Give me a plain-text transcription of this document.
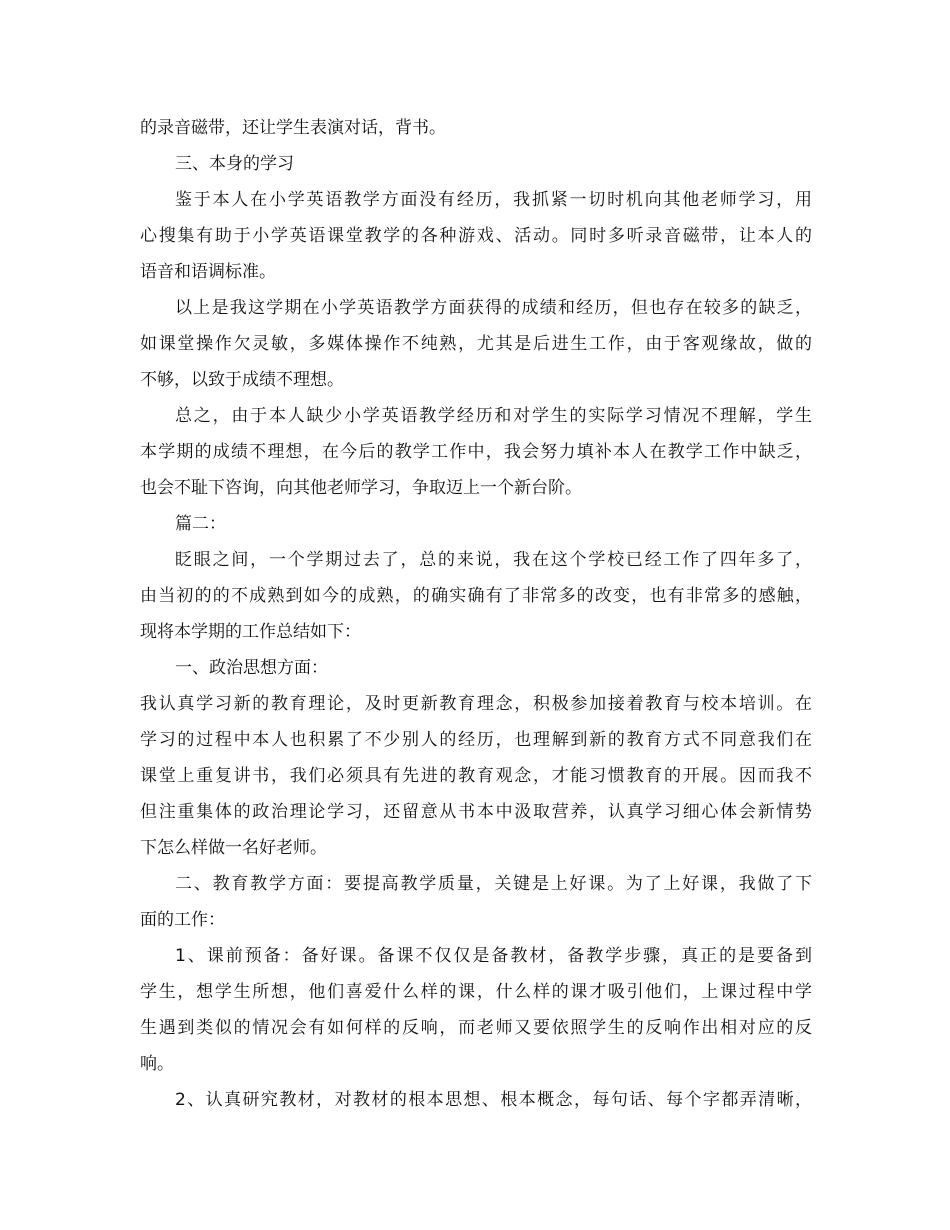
的录音磁带，还让学生表演对话，背书。
三、本身的学习
鉴于本人在小学英语教学方面没有经历，我抓紧一切时机向其他老师学习，用
心搜集有助于小学英语课堂教学的各种游戏、活动。同时多听录音磁带，让本人的
语音和语调标准。
以上是我这学期在小学英语教学方面获得的成绩和经历，但也存在较多的缺乏，
如课堂操作欠灵敏，多媒体操作不纯熟，尤其是后进生工作，由于客观缘故，做的
不够，以致于成绩不理想。
总之，由于本人缺少小学英语教学经历和对学生的实际学习情况不理解，学生
本学期的成绩不理想，在今后的教学工作中，我会努力填补本人在教学工作中缺乏，
也会不耻下咨询，向其他老师学习，争取迈上一个新台阶。
篇二：
眨眼之间，一个学期过去了，总的来说，我在这个学校已经工作了四年多了，
由当初的的不成熟到如今的成熟，的确实确有了非常多的改变，也有非常多的感触，
现将本学期的工作总结如下：
一、政治思想方面：
我认真学习新的教育理论，及时更新教育理念，积极参加接着教育与校本培训。在
学习的过程中本人也积累了不少别人的经历，也理解到新的教育方式不同意我们在
课堂上重复讲书，我们必须具有先进的教育观念，才能习惯教育的开展。因而我不
但注重集体的政治理论学习，还留意从书本中汲取营养，认真学习细心体会新情势
下怎么样做一名好老师。
二、教育教学方面：要提高教学质量，关键是上好课。为了上好课，我做了下
面的工作：
1、课前预备：备好课。备课不仅仅是备教材，备教学步骤，真正的是要备到
学生，想学生所想，他们喜爱什么样的课，什么样的课才吸引他们，上课过程中学
生遇到类似的情况会有如何样的反响，而老师又要依照学生的反响作出相对应的反
响。
2、认真研究教材，对教材的根本思想、根本概念，每句话、每个字都弄清晰，
